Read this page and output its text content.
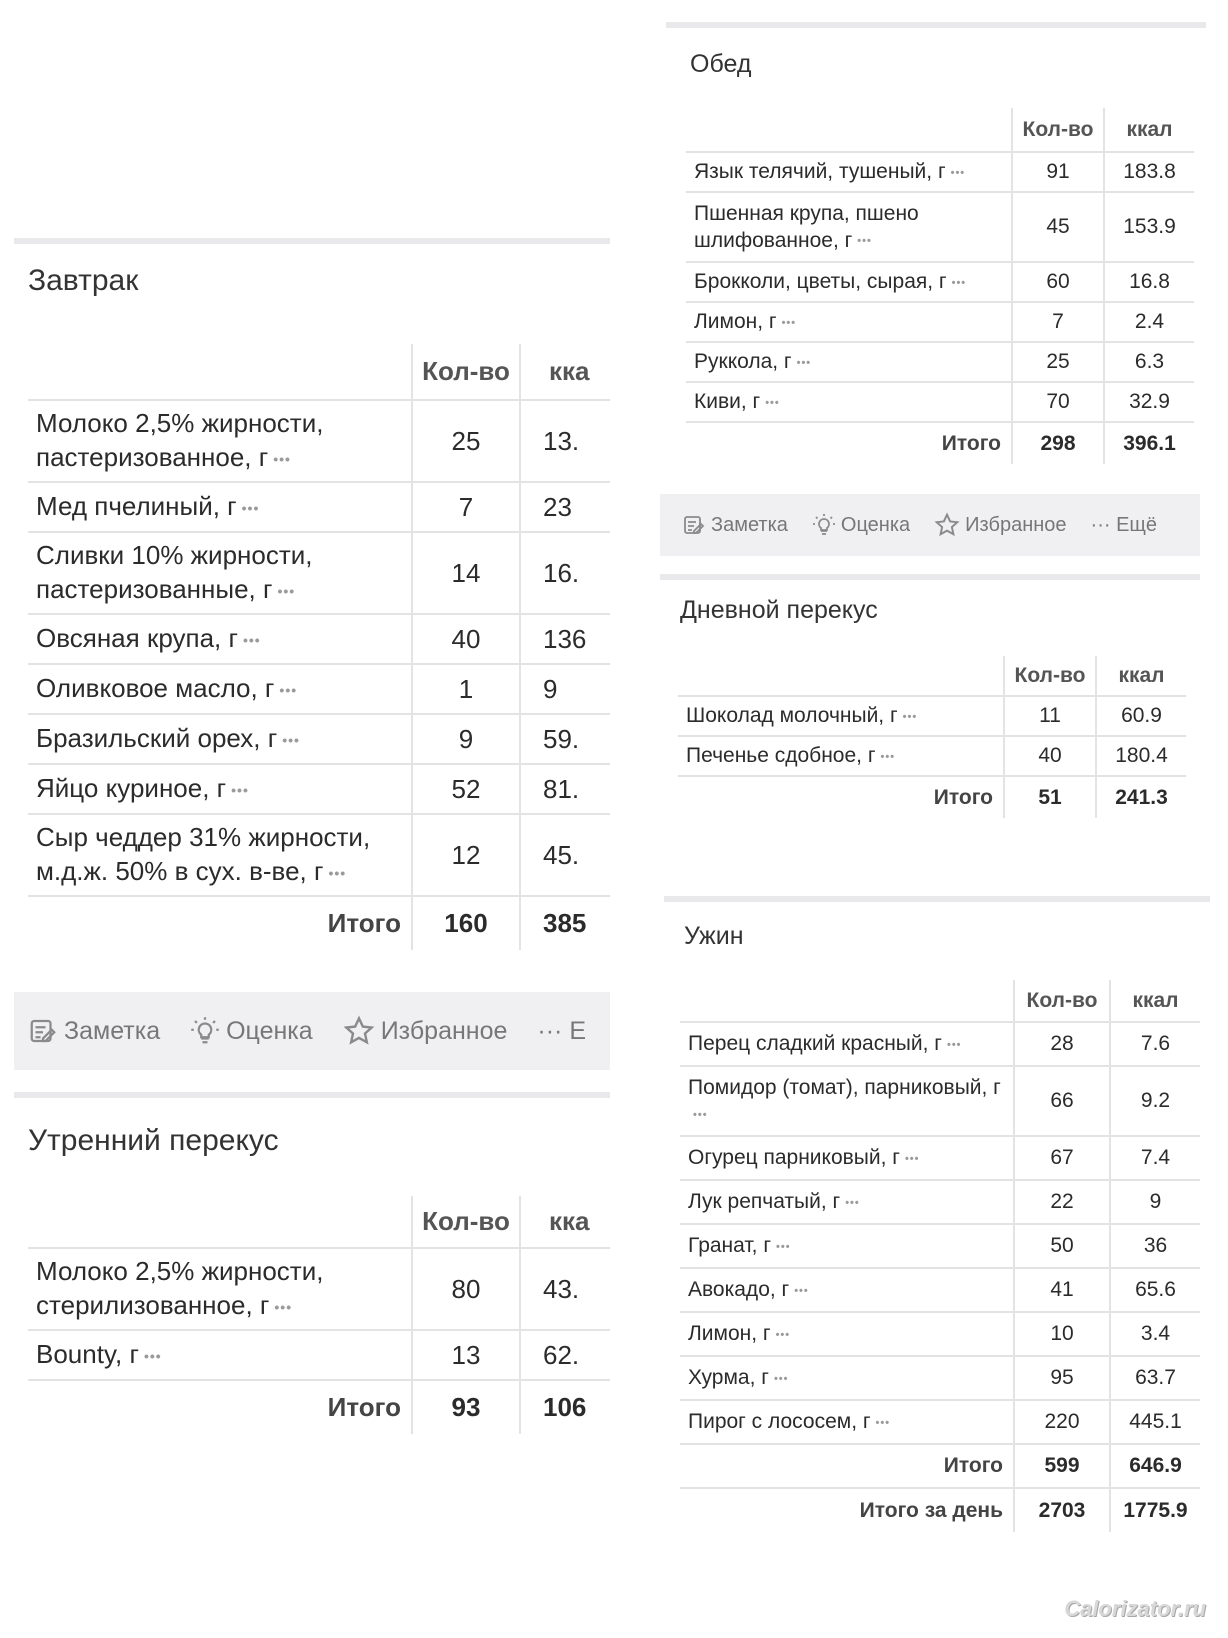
Завтрак
	Кол-во	кка
Молоко 2,5% жирности, пастеризованное, г •••	25	13.
Мед пчелиный, г •••	7	23
Сливки 10% жирности, пастеризованные, г •••	14	16.
Овсяная крупа, г •••	40	136
Оливковое масло, г •••	1	9
Бразильский орех, г •••	9	59.
Яйцо куриное, г •••	52	81.
Сыр чеддер 31% жирности, м.д.ж. 50% в сух. в-ве, г •••	12	45.
Итого	160	385
Заметка	Оценка	Избранное ··· Е
Утренний перекус
	Кол-во	кка
Молоко 2,5% жирности, стерилизованное, г •••	80	43.
Bounty, г •••	13	62.
Итого	93	106
Обед
	Кол-во	ккал
Язык телячий, тушеный, г •••	91	183.8
Пшенная крупа, пшено шлифованное, г •••	45	153.9
Брокколи, цветы, сырая, г •••	60	16.8
Лимон, г •••	7	2.4
Руккола, г •••	25	6.3
Киви, г •••	70	32.9
Итого	298	396.1
Заметка	Оценка	Избранное ··· Ещё
Дневной перекус
	Кол-во	ккал
Шоколад молочный, г •••	11	60.9
Печенье сдобное, г •••	40	180.4
Итого	51	241.3
Ужин
	Кол-во	ккал
Перец сладкий красный, г •••	28	7.6
Помидор (томат), парниковый, г•••	66	9.2
Огурец парниковый, г •••	67	7.4
Лук репчатый, г •••	22	9
Гранат, г •••	50	36
Авокадо, г •••	41	65.6
Лимон, г •••	10	3.4
Хурма, г •••	95	63.7
Пирог с лососем, г •••	220	445.1
Итого	599	646.9
Итого за день	2703	1775.9
Calorizator.ru
